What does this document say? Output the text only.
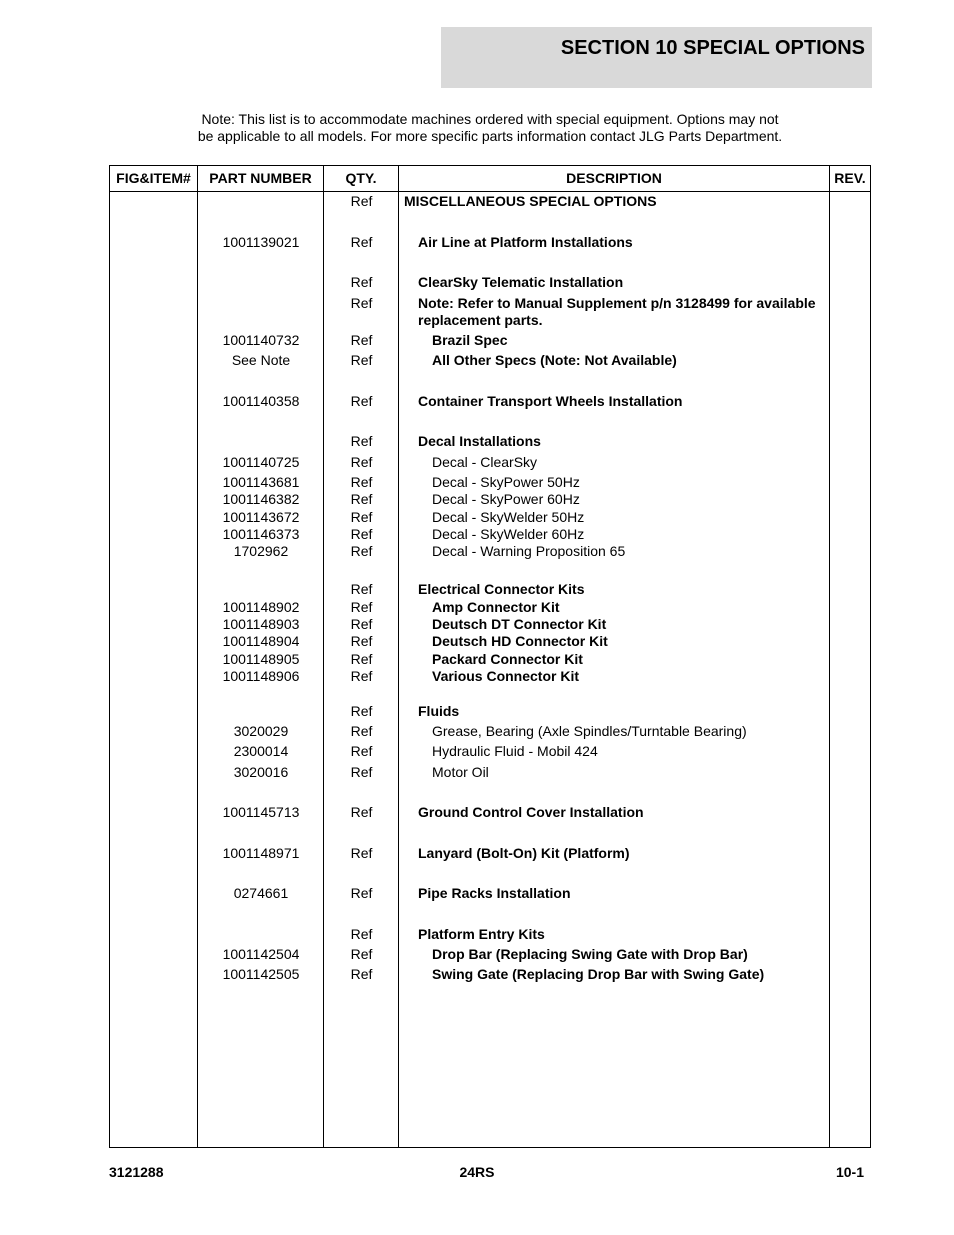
SECTION 10 SPECIAL OPTIONS
Note: This list is to accommodate machines ordered with special equipment. Options may not
be applicable to all models. For more specific parts information contact JLG Parts Department.
FIG&ITEM#	PART NUMBER	QTY.	DESCRIPTION	REV.
Ref	MISCELLANEOUS SPECIAL OPTIONS
1001139021	Ref	Air Line at Platform Installations
Ref	ClearSky Telematic Installation
Ref	Note: Refer to Manual Supplement p/n 3128499 for available replacement parts.
1001140732	Ref	Brazil Spec
See Note	Ref	All Other Specs (Note: Not Available)
1001140358	Ref	Container Transport Wheels Installation
Ref	Decal Installations
1001140725	Ref	Decal - ClearSky
1001143681	Ref	Decal - SkyPower 50Hz
1001146382	Ref	Decal - SkyPower 60Hz
1001143672	Ref	Decal - SkyWelder 50Hz
1001146373	Ref	Decal - SkyWelder 60Hz
1702962	Ref	Decal - Warning Proposition 65
Ref	Electrical Connector Kits
1001148902	Ref	Amp Connector Kit
1001148903	Ref	Deutsch DT Connector Kit
1001148904	Ref	Deutsch HD Connector Kit
1001148905	Ref	Packard Connector Kit
1001148906	Ref	Various Connector Kit
Ref	Fluids
3020029	Ref	Grease, Bearing (Axle Spindles/Turntable Bearing)
2300014	Ref	Hydraulic Fluid - Mobil 424
3020016	Ref	Motor Oil
1001145713	Ref	Ground Control Cover Installation
1001148971	Ref	Lanyard (Bolt-On) Kit (Platform)
0274661	Ref	Pipe Racks Installation
Ref	Platform Entry Kits
1001142504	Ref	Drop Bar (Replacing Swing Gate with Drop Bar)
1001142505	Ref	Swing Gate (Replacing Drop Bar with Swing Gate)
3121288	24RS	10-1
